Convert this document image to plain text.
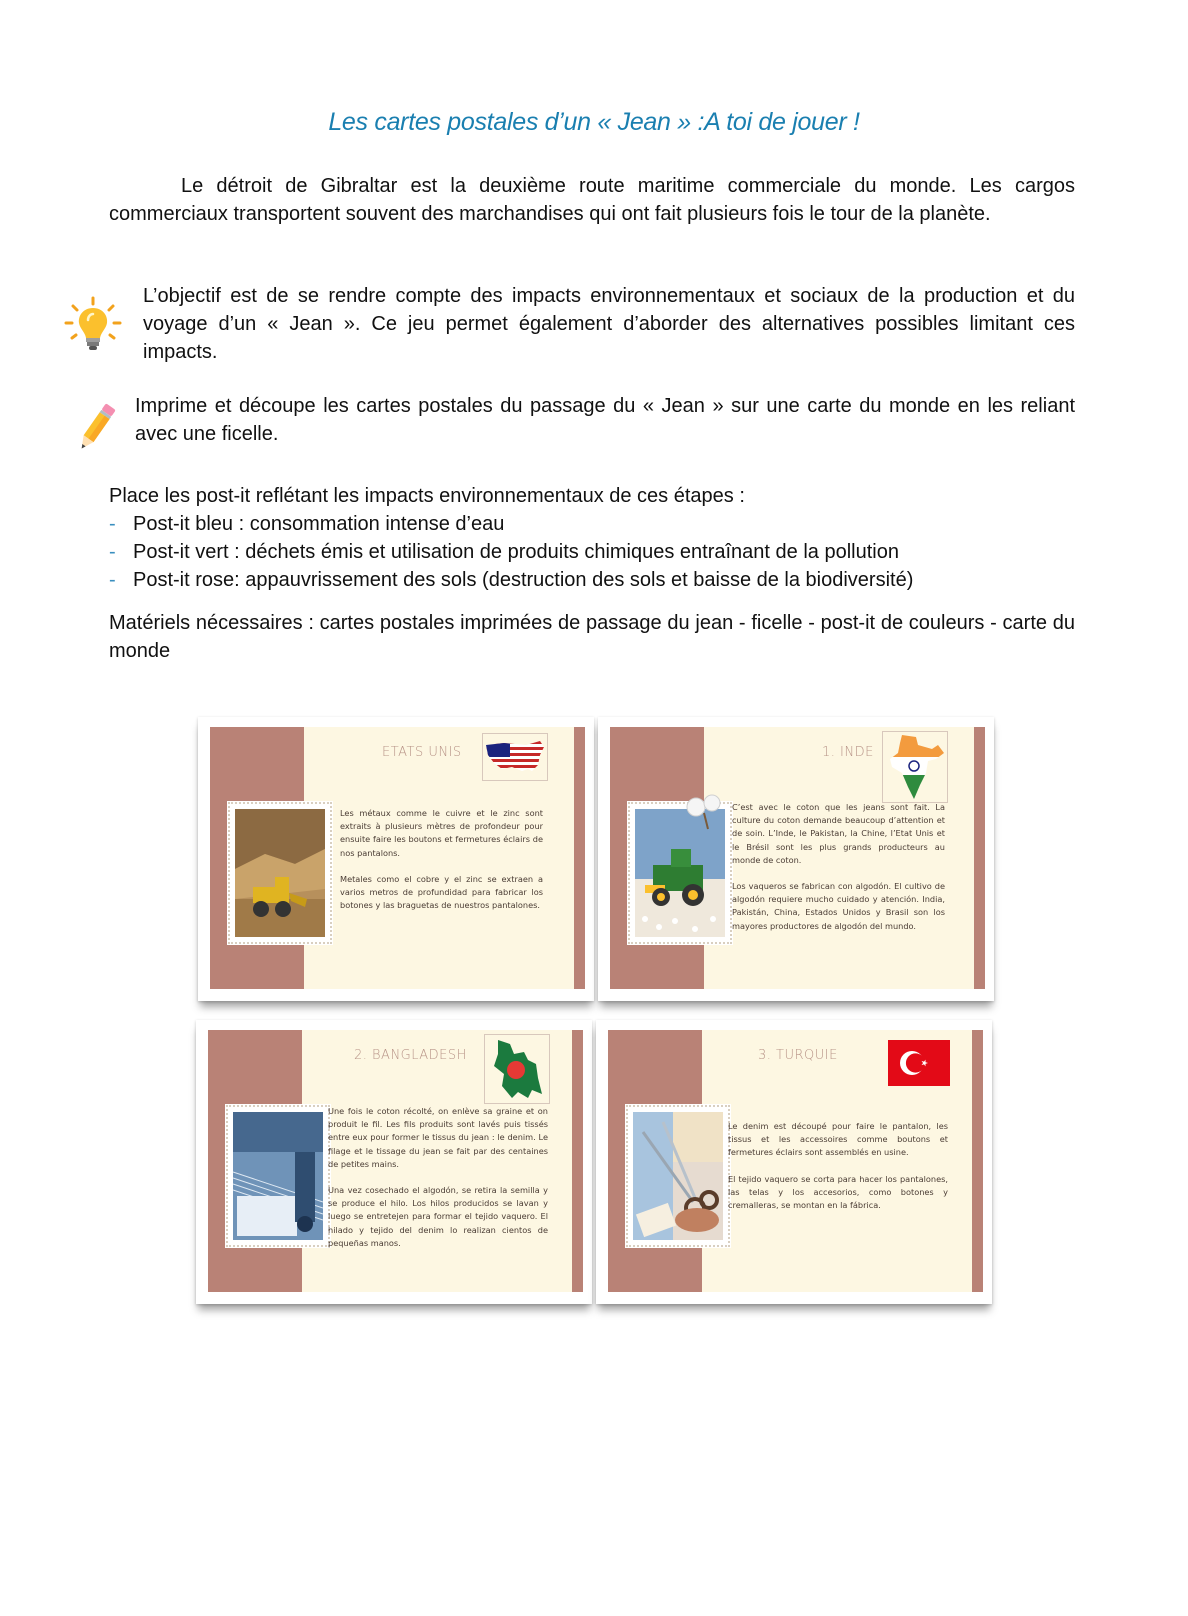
Les cartes postales d’un « Jean » :A toi de jouer !
Le détroit de Gibraltar est la deuxième route maritime commerciale du monde. Les cargos commerciaux transportent souvent des marchandises qui ont fait plusieurs fois le tour de la planète.
L’objectif est de se rendre compte des impacts environnementaux et sociaux de la production et du voyage d’un « Jean ». Ce jeu permet également d’aborder des alternatives possibles limitant ces impacts.
Imprime et découpe les cartes postales du passage du « Jean » sur une carte du monde en les reliant avec une ficelle.
Place les post-it reflétant les impacts environnementaux de ces étapes :
- Post-it bleu : consommation intense d’eau
- Post-it vert : déchets émis et utilisation de produits chimiques entraînant de la pollution
- Post-it rose: appauvrissement des sols (destruction des sols et baisse de la biodiversité)
Matériels nécessaires : cartes postales imprimées de passage du jean - ficelle - post-it de couleurs - carte du monde
ETATS UNIS

Les métaux comme le cuivre et le zinc sont extraits à plusieurs mètres de profondeur pour ensuite faire les boutons et fermetures éclairs de nos pantalons.

Metales como el cobre y el zinc se extraen a varios metros de profundidad para fabricar los botones y las braguetas de nuestros pantalones.

1. INDE

C’est avec le coton que les jeans sont fait. La culture du coton demande beaucoup d’attention et de soin. L’Inde, le Pakistan, la Chine, l’Etat Unis et le Brésil sont les plus grands producteurs au monde de coton.

Los vaqueros se fabrican con algodón. El cultivo de algodón requiere mucho cuidado y atención. India, Pakistán, China, Estados Unidos y Brasil son los mayores productores de algodón del mundo.

2. BANGLADESH

Une fois le coton récolté, on enlève sa graine et on produit le fil. Les fils produits sont lavés puis tissés entre eux pour former le tissus du jean : le denim. Le filage et le tissage du jean se fait par des centaines de petites mains.

Una vez cosechado el algodón, se retira la semilla y se produce el hilo. Los hilos producidos se lavan y luego se entretejen para formar el tejido vaquero. El hilado y tejido del denim lo realizan cientos de pequeñas manos.

3. TURQUIE

Le denim est découpé pour faire le pantalon, les tissus et les accessoires comme boutons et fermetures éclairs sont assemblés en usine.

El tejido vaquero se corta para hacer los pantalones, las telas y los accesorios, como botones y cremalleras, se montan en la fábrica.
